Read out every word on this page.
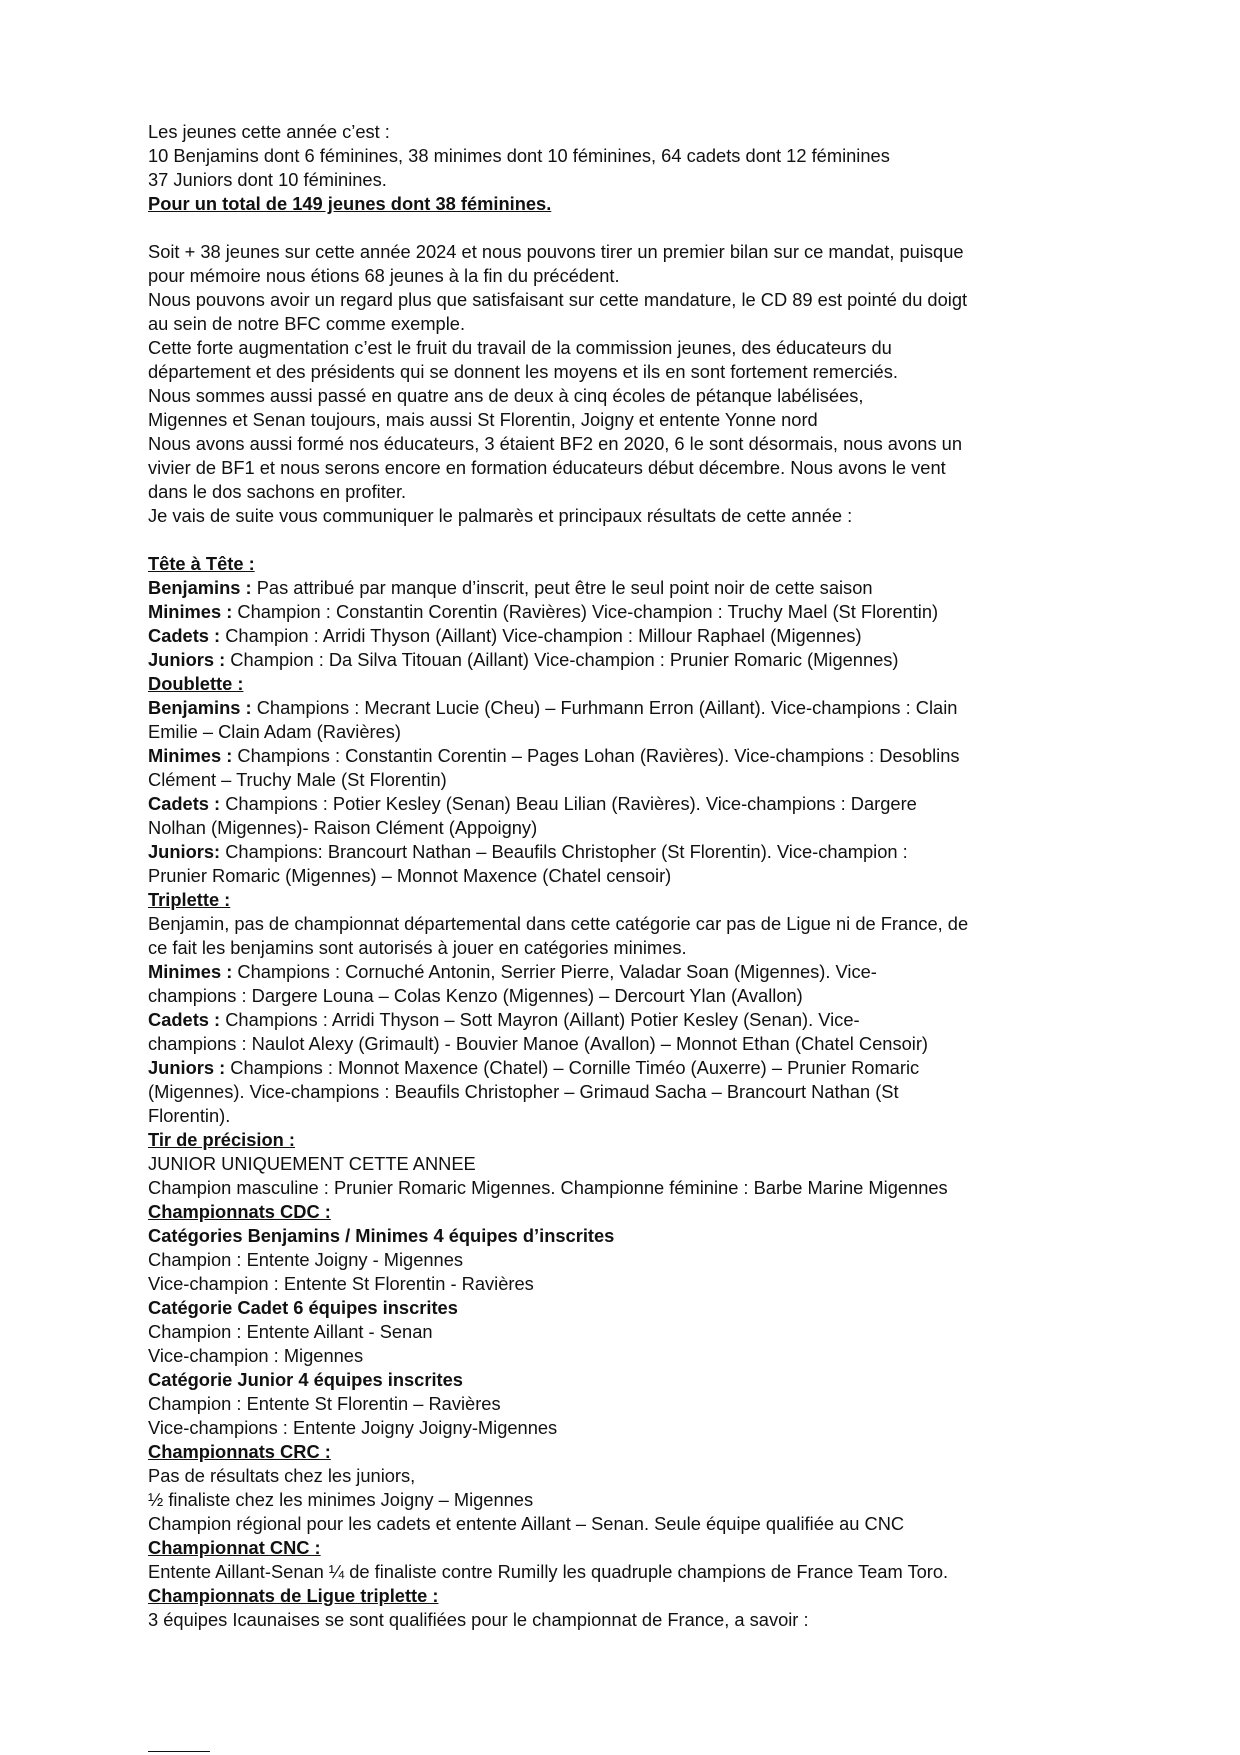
Les jeunes cette année c’est :
10 Benjamins dont 6 féminines, 38 minimes dont 10 féminines, 64 cadets dont 12 féminines
37 Juniors dont 10 féminines.
Pour un total de 149 jeunes dont 38 féminines.
Soit + 38 jeunes sur cette année 2024 et nous pouvons tirer un premier bilan sur ce mandat, puisque
pour mémoire nous étions 68 jeunes à la fin du précédent.
Nous pouvons avoir un regard plus que satisfaisant sur cette mandature, le CD 89 est pointé du doigt
au sein de notre BFC comme exemple.
Cette forte augmentation c’est le fruit du travail de la commission jeunes, des éducateurs du
département et des présidents qui se donnent les moyens et ils en sont fortement remerciés.
Nous sommes aussi passé en quatre ans de deux à cinq écoles de pétanque labélisées,
Migennes et Senan toujours, mais aussi St Florentin, Joigny et entente Yonne nord
Nous avons aussi formé nos éducateurs, 3 étaient BF2 en 2020, 6 le sont désormais, nous avons un
vivier de BF1 et nous serons encore en formation éducateurs début décembre. Nous avons le vent
dans le dos sachons en profiter.
Je vais de suite vous communiquer le palmarès et principaux résultats de cette année :
Tête à Tête :
Benjamins : Pas attribué par manque d’inscrit, peut être le seul point noir de cette saison
Minimes : Champion : Constantin Corentin (Ravières) Vice-champion : Truchy Mael (St Florentin)
Cadets : Champion : Arridi Thyson (Aillant) Vice-champion : Millour Raphael (Migennes)
Juniors : Champion : Da Silva Titouan (Aillant) Vice-champion : Prunier Romaric (Migennes)
Doublette :
Benjamins : Champions : Mecrant Lucie (Cheu) – Furhmann Erron (Aillant). Vice-champions : Clain
Emilie – Clain Adam (Ravières)
Minimes : Champions : Constantin Corentin – Pages Lohan (Ravières). Vice-champions : Desoblins
Clément – Truchy Male (St Florentin)
Cadets : Champions : Potier Kesley (Senan) Beau Lilian (Ravières). Vice-champions : Dargere
Nolhan (Migennes)- Raison Clément (Appoigny)
Juniors: Champions: Brancourt Nathan – Beaufils Christopher (St Florentin). Vice-champion :
Prunier Romaric (Migennes) – Monnot Maxence (Chatel censoir)
Triplette :
Benjamin, pas de championnat départemental dans cette catégorie car pas de Ligue ni de France, de
ce fait les benjamins sont autorisés à jouer en catégories minimes.
Minimes : Champions : Cornuché Antonin, Serrier Pierre, Valadar Soan (Migennes). Vice-
champions : Dargere Louna – Colas Kenzo (Migennes) – Dercourt Ylan (Avallon)
Cadets : Champions : Arridi Thyson – Sott Mayron (Aillant) Potier Kesley (Senan). Vice-
champions : Naulot Alexy (Grimault) - Bouvier Manoe (Avallon) – Monnot Ethan (Chatel Censoir)
Juniors : Champions : Monnot Maxence (Chatel) – Cornille Timéo (Auxerre) – Prunier Romaric
(Migennes). Vice-champions : Beaufils Christopher – Grimaud Sacha – Brancourt Nathan (St
Florentin).
Tir de précision :
JUNIOR UNIQUEMENT CETTE ANNEE
Champion masculine : Prunier Romaric Migennes. Championne féminine : Barbe Marine Migennes
Championnats CDC :
Catégories Benjamins / Minimes 4 équipes d’inscrites
Champion : Entente Joigny - Migennes
Vice-champion : Entente St Florentin - Ravières
Catégorie Cadet 6 équipes inscrites
Champion : Entente Aillant - Senan
Vice-champion : Migennes
Catégorie Junior 4 équipes inscrites
Champion : Entente St Florentin – Ravières
Vice-champions : Entente Joigny Joigny-Migennes
Championnats CRC :
Pas de résultats chez les juniors,
½ finaliste chez les minimes Joigny – Migennes
Champion régional pour les cadets et entente Aillant – Senan. Seule équipe qualifiée au CNC
Championnat CNC :
Entente Aillant-Senan ¼ de finaliste contre Rumilly les quadruple champions de France Team Toro.
Championnats de Ligue triplette :
3 équipes Icaunaises se sont qualifiées pour le championnat de France, a savoir :
